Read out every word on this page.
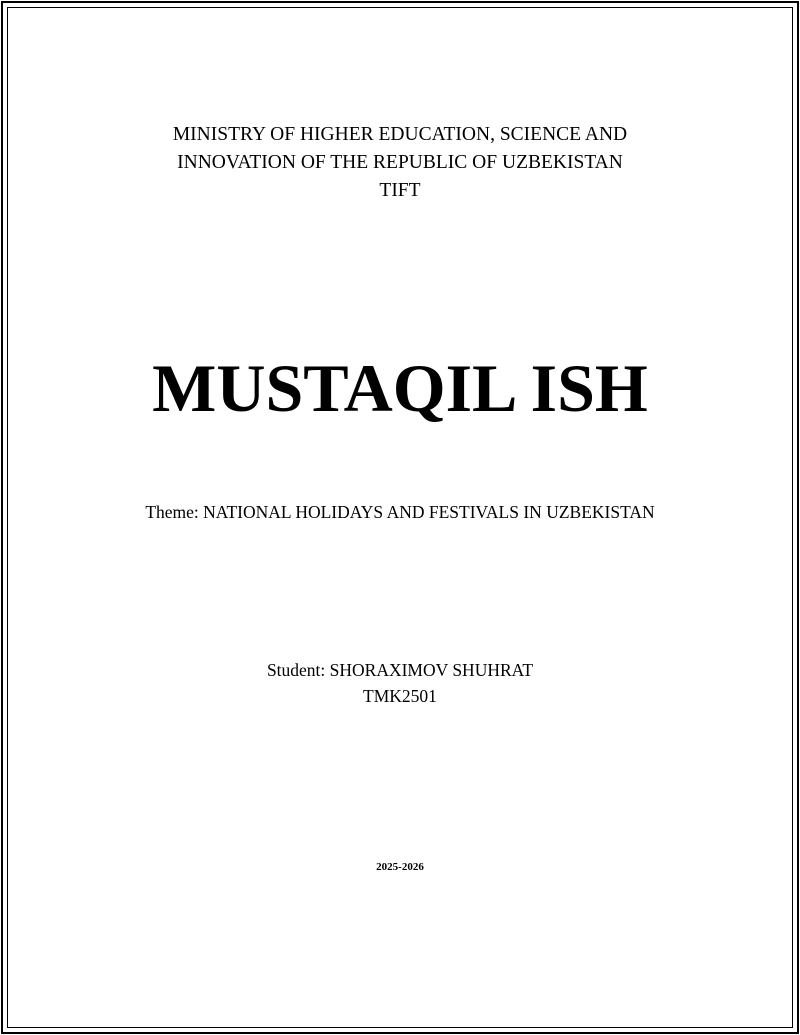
MINISTRY OF HIGHER EDUCATION, SCIENCE AND
INNOVATION OF THE REPUBLIC OF UZBEKISTAN
TIFT
MUSTAQIL ISH
Theme: NATIONAL HOLIDAYS AND FESTIVALS IN UZBEKISTAN
Student: SHORAXIMOV SHUHRAT
TMK2501
2025-2026
